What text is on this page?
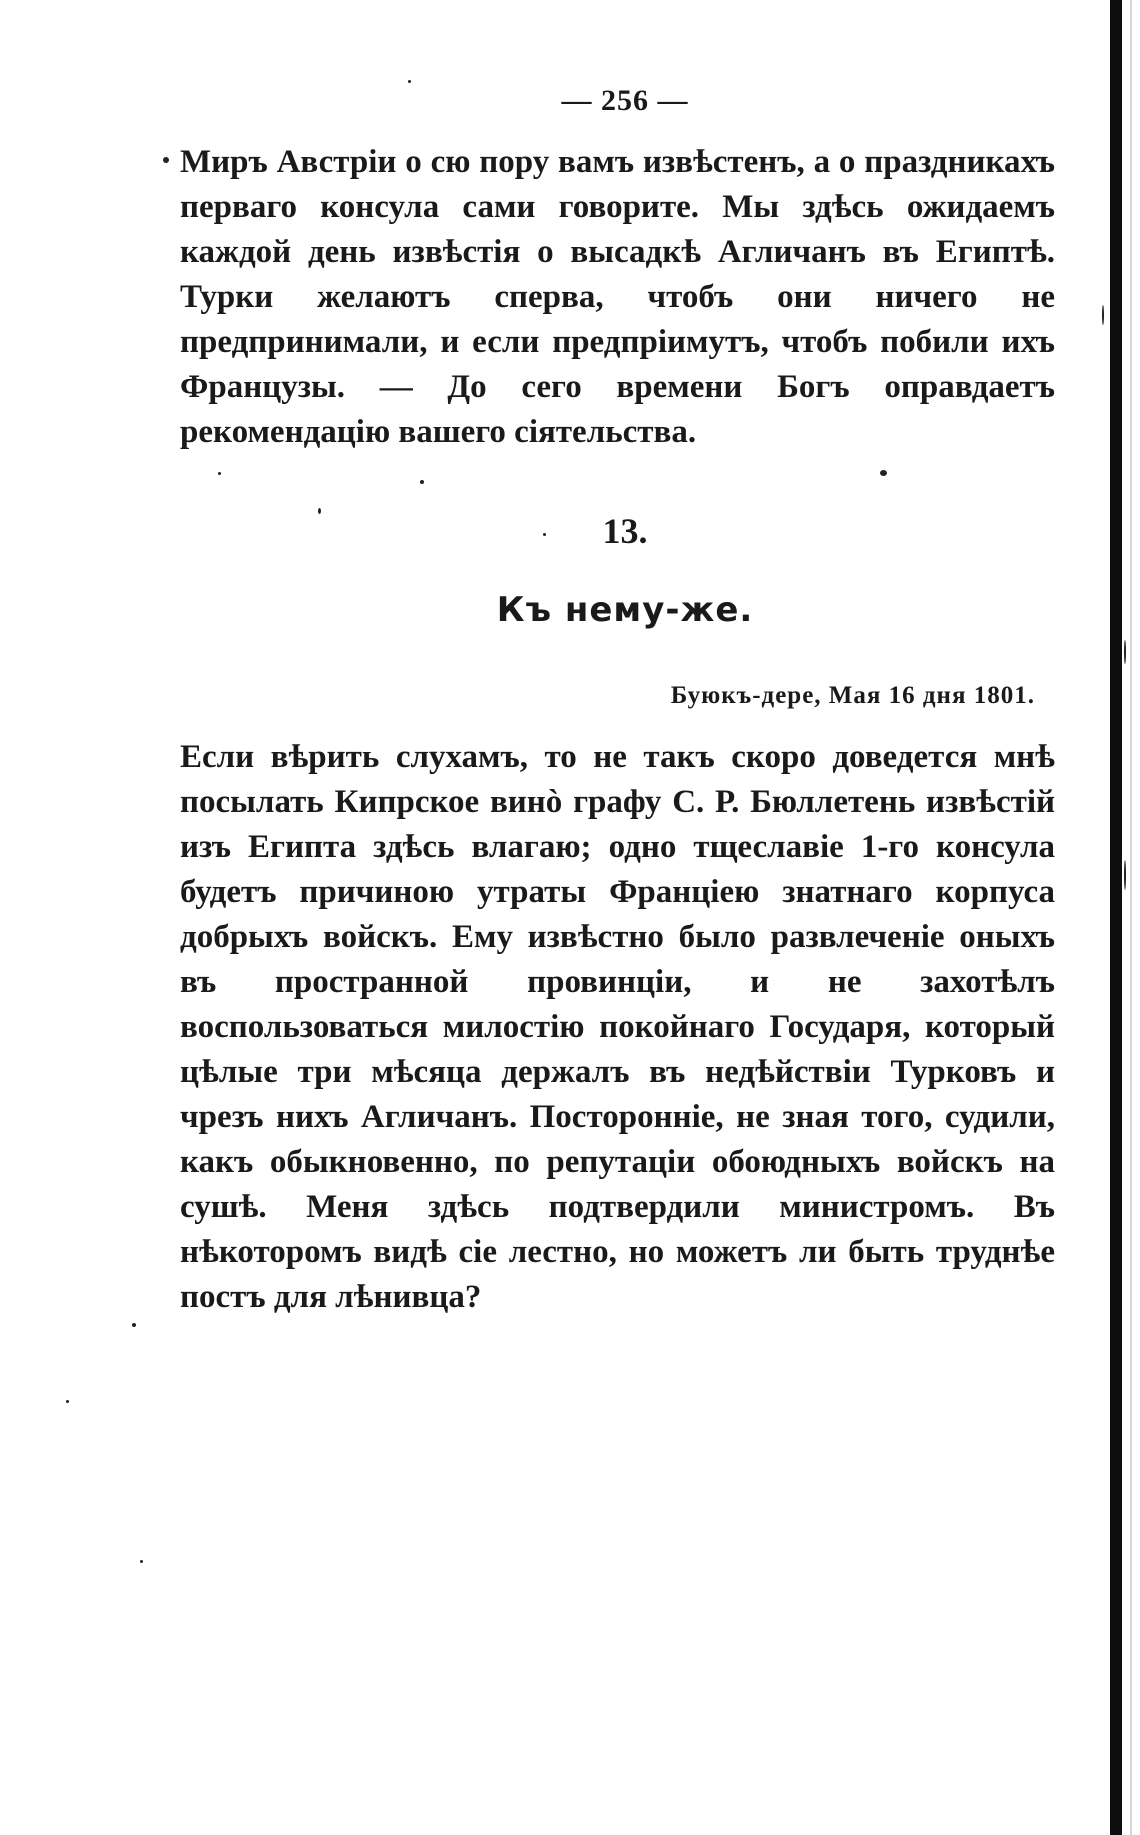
— 256 —

Миръ Австріи о сю пору вамъ извѣстенъ, а о праздникахъ перваго консула сами говорите. Мы здѣсь ожидаемъ каждой день извѣстія о высадкѣ Агличанъ въ Египтѣ. Турки желаютъ сперва, чтобъ они ничего не предпринимали, и если предпріимутъ, чтобъ побили ихъ Французы. — До сего времени Богъ оправдаетъ рекомендацію вашего сіятельства.

13.
Къ нему-же.
Буюкъ-дере, Мая 16 дня 1801.

Если вѣрить слухамъ, то не такъ скоро доведется мнѣ посылать Кипрское винò графу С. Р. Бюллетень извѣстій изъ Египта здѣсь влагаю; одно тщеславіе 1-го консула будетъ причиною утраты Франціею знатнаго корпуса добрыхъ войскъ. Ему извѣстно было развлеченіе оныхъ въ пространной провинціи, и не захотѣлъ воспользоваться милостію покойнаго Государя, который цѣлые три мѣсяца держалъ въ недѣйствіи Турковъ и чрезъ нихъ Агличанъ. Посторонніе, не зная того, судили, какъ обыкновенно, по репутаціи обоюдныхъ войскъ на сушѣ. Меня здѣсь подтвердили министромъ. Въ нѣкоторомъ видѣ сіе лестно, но можетъ ли быть труднѣе постъ для лѣнивца?
